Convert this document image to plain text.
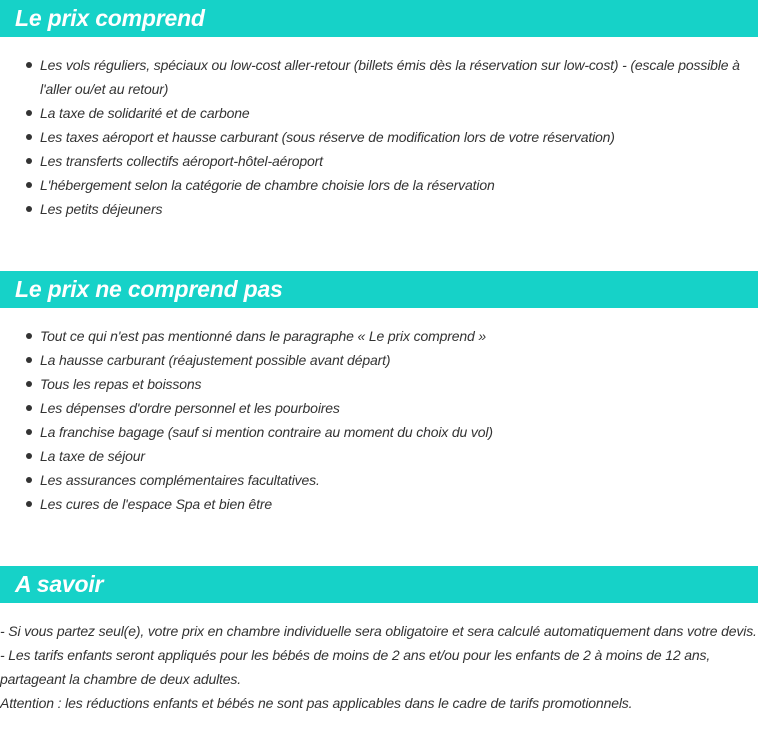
Le prix comprend
Les vols réguliers, spéciaux ou low-cost aller-retour (billets émis dès la réservation sur low-cost) - (escale possible à l'aller ou/et au retour)
La taxe de solidarité et de carbone
Les taxes aéroport et hausse carburant (sous réserve de modification lors de votre réservation)
Les transferts collectifs aéroport-hôtel-aéroport
L'hébergement selon la catégorie de chambre choisie lors de la réservation
Les petits déjeuners
Le prix ne comprend pas
Tout ce qui n'est pas mentionné dans le paragraphe « Le prix comprend »
La hausse carburant (réajustement possible avant départ)
Tous les repas et boissons
Les dépenses d'ordre personnel et les pourboires
La franchise bagage (sauf si mention contraire au moment du choix du vol)
La taxe de séjour
Les assurances complémentaires facultatives.
Les cures de l'espace Spa et bien être
A savoir

- Si vous partez seul(e), votre prix en chambre individuelle sera obligatoire et sera calculé automatiquement dans votre devis.

- Les tarifs enfants seront appliqués pour les bébés de moins de 2 ans et/ou pour les enfants de 2 à moins de 12 ans, partageant la chambre de deux adultes.

Attention : les réductions enfants et bébés ne sont pas applicables dans le cadre de tarifs promotionnels.
